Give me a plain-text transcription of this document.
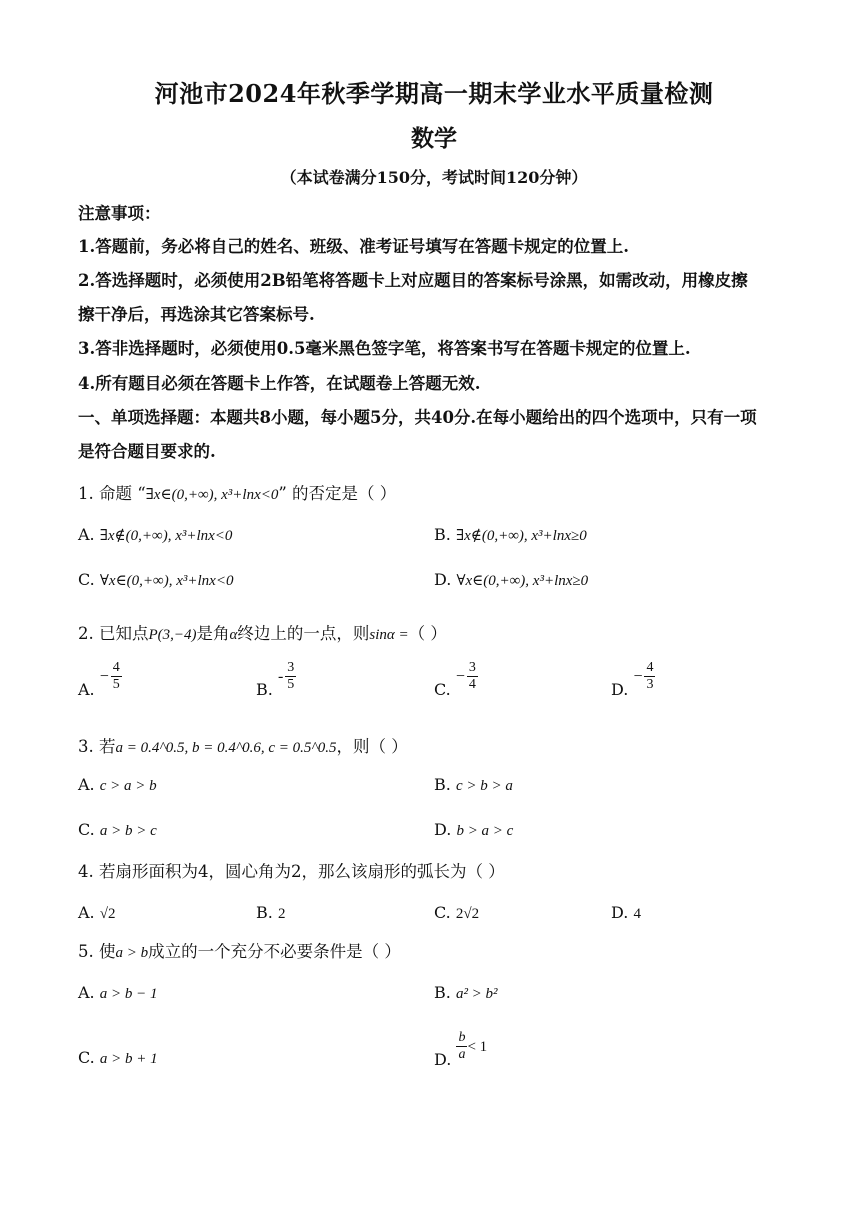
河池市2024年秋季学期高一期末学业水平质量检测
数学
（本试卷满分150分，考试时间120分钟）
注意事项：
1.答题前，务必将自己的姓名、班级、准考证号填写在答题卡规定的位置上.
2.答选择题时，必须使用2B铅笔将答题卡上对应题目的答案标号涂黑，如需改动，用橡皮擦
擦干净后，再选涂其它答案标号.
3.答非选择题时，必须使用0.5毫米黑色签字笔，将答案书写在答题卡规定的位置上.
4.所有题目必须在答题卡上作答，在试题卷上答题无效.
一、单项选择题：本题共8小题，每小题5分，共40分.在每小题给出的四个选项中，只有一项
是符合题目要求的.
1. 命题 “∃x∈(0,+∞), x³+lnx<0” 的否定是（ ）
A. ∃x∉(0,+∞), x³+lnx<0	B. ∃x∉(0,+∞), x³+lnx≥0
C. ∀x∈(0,+∞), x³+lnx<0	D. ∀x∈(0,+∞), x³+lnx≥0
2. 已知点P(3,−4)是角α终边上的一点，则sinα =（ ）
A. − $\frac{4}{5}$	B. - $\frac{3}{5}$	C. − $\frac{3}{4}$	D. − $\frac{4}{3}$
3. 若a = 0.4^0.5, b = 0.4^0.6, c = 0.5^0.5，则（ ）
A. c > a > b	B. c > b > a
C. a > b > c	D. b > a > c
4. 若扇形面积为4，圆心角为2，那么该扇形的弧长为（ ）
A. √2	B. 2	C. 2√2	D. 4
5. 使a > b成立的一个充分不必要条件是（ ）
A. a > b − 1	B. a² > b²
C. a > b + 1	D. $\frac{b}{a} < 1$
